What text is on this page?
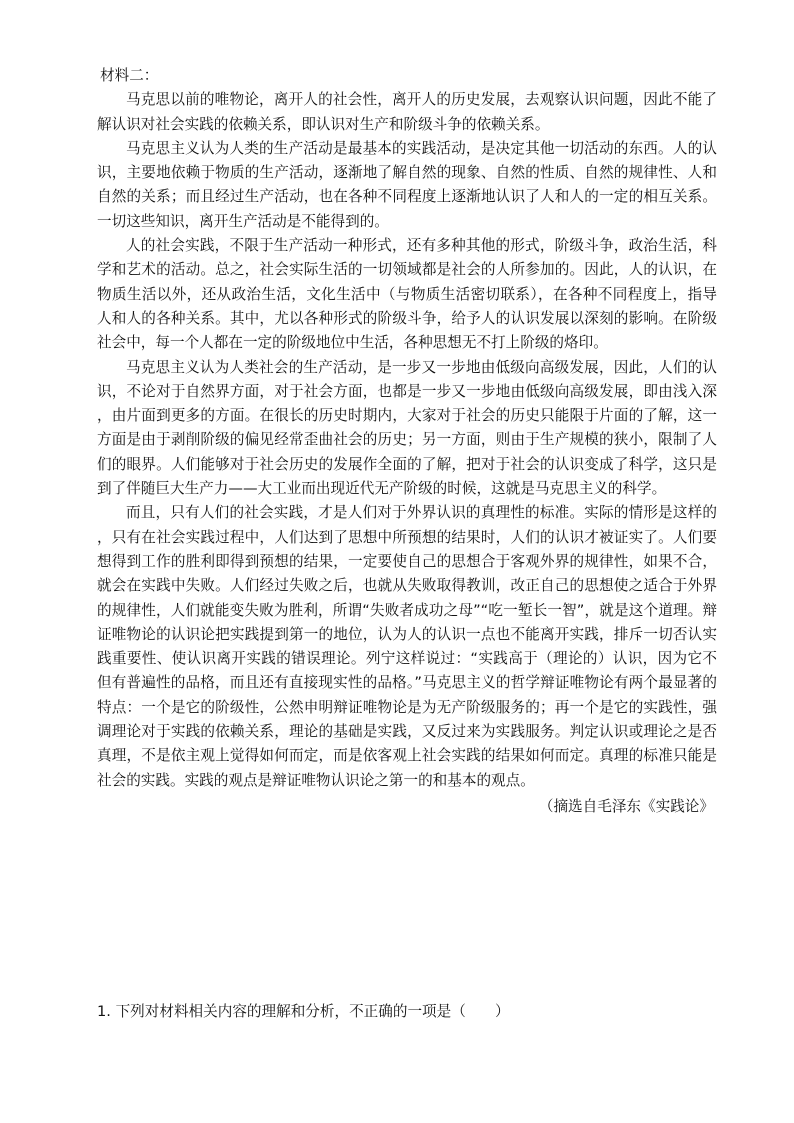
材料二：

马克思以前的唯物论，离开人的社会性，离开人的历史发展，去观察认识问题，因此不能了解认识对社会实践的依赖关系，即认识对生产和阶级斗争的依赖关系。

马克思主义认为人类的生产活动是最基本的实践活动，是决定其他一切活动的东西。人的认识，主要地依赖于物质的生产活动，逐渐地了解自然的现象、自然的性质、自然的规律性、人和自然的关系；而且经过生产活动，也在各种不同程度上逐渐地认识了人和人的一定的相互关系。一切这些知识，离开生产活动是不能得到的。

人的社会实践，不限于生产活动一种形式，还有多种其他的形式，阶级斗争，政治生活，科学和艺术的活动。总之，社会实际生活的一切领域都是社会的人所参加的。因此，人的认识，在物质生活以外，还从政治生活，文化生活中（与物质生活密切联系），在各种不同程度上，指导人和人的各种关系。其中，尤以各种形式的阶级斗争，给予人的认识发展以深刻的影响。在阶级社会中，每一个人都在一定的阶级地位中生活，各种思想无不打上阶级的烙印。

马克思主义认为人类社会的生产活动，是一步又一步地由低级向高级发展，因此，人们的认识，不论对于自然界方面，对于社会方面，也都是一步又一步地由低级向高级发展，即由浅入深，由片面到更多的方面。在很长的历史时期内，大家对于社会的历史只能限于片面的了解，这一方面是由于剥削阶级的偏见经常歪曲社会的历史；另一方面，则由于生产规模的狭小，限制了人们的眼界。人们能够对于社会历史的发展作全面的了解，把对于社会的认识变成了科学，这只是到了伴随巨大生产力——大工业而出现近代无产阶级的时候，这就是马克思主义的科学。

而且，只有人们的社会实践，才是人们对于外界认识的真理性的标准。实际的情形是这样的，只有在社会实践过程中，人们达到了思想中所预想的结果时，人们的认识才被证实了。人们要想得到工作的胜利即得到预想的结果，一定要使自己的思想合于客观外界的规律性，如果不合，就会在实践中失败。人们经过失败之后，也就从失败取得教训，改正自己的思想使之适合于外界的规律性，人们就能变失败为胜利，所谓“失败者成功之母”“吃一堑长一智”，就是这个道理。辩证唯物论的认识论把实践提到第一的地位，认为人的认识一点也不能离开实践，排斥一切否认实践重要性、使认识离开实践的错误理论。列宁这样说过：“实践高于（理论的）认识，因为它不但有普遍性的品格，而且还有直接现实性的品格。”马克思主义的哲学辩证唯物论有两个最显著的特点：一个是它的阶级性，公然申明辩证唯物论是为无产阶级服务的；再一个是它的实践性，强调理论对于实践的依赖关系，理论的基础是实践，又反过来为实践服务。判定认识或理论之是否真理，不是依主观上觉得如何而定，而是依客观上社会实践的结果如何而定。真理的标准只能是社会的实践。实践的观点是辩证唯物认识论之第一的和基本的观点。

（摘选自毛泽东《实践论》

1. 下列对材料相关内容的理解和分析，不正确的一项是（　　）
